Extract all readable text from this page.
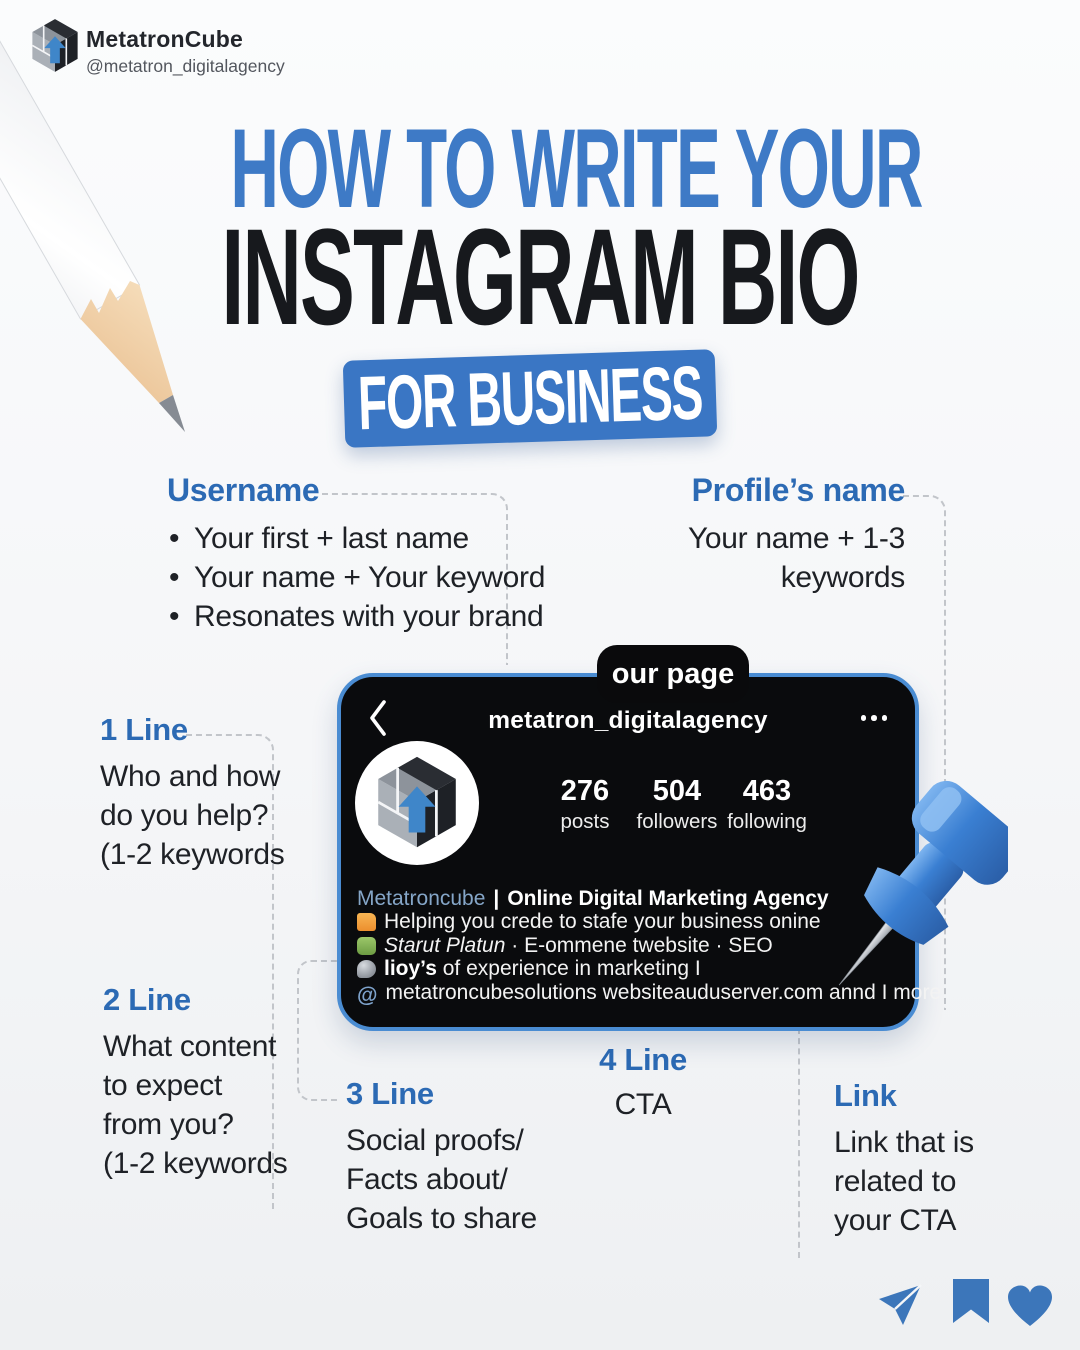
MetatronCube
@metatron_digitalagency
HOW TO WRITE YOUR
INSTAGRAM BIO
FOR BUSINESS
Username
• Your first + last name
• Your name + Your keyword
• Resonates with your brand
Profile’s name
Your name + 1-3
keywords
1 Line
Who and how
do you help?
(1-2 keywords
2 Line
What content
to expect
from you?
(1-2 keywords
3 Line
Social proofs/
Facts about/
Goals to share
4 Line
CTA	Link
Link that is
related to
your CTA
our page
metatron_digitalagency
276
posts
504
followers
463
following
Metatroncube | Online Digital Marketing Agency
Helping you crede to stafe your business onine
Starut Platun · E-ommene twebsite · SEO
lioy’s of experience in marketing I
@ metatroncubesolutions websiteauduserver.com annd I more
